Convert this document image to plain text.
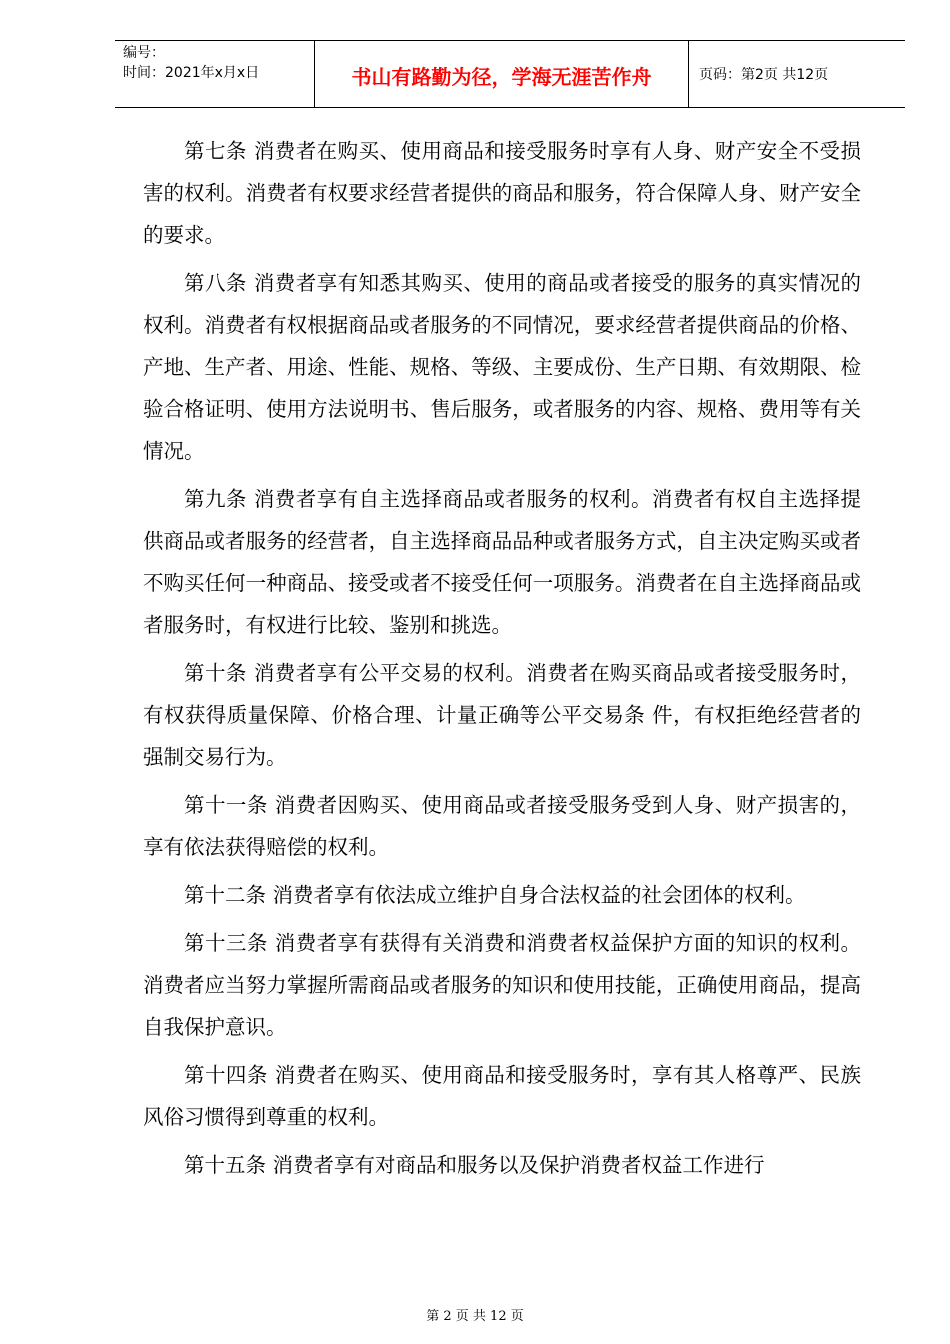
编号：
时间：2021年x月x日	书山有路勤为径，学海无涯苦作舟	页码：第2页 共12页

第七条 消费者在购买、使用商品和接受服务时享有人身、财产安全不受损害的权利。消费者有权要求经营者提供的商品和服务，符合保障人身、财产安全的要求。

第八条 消费者享有知悉其购买、使用的商品或者接受的服务的真实情况的权利。消费者有权根据商品或者服务的不同情况，要求经营者提供商品的价格、产地、生产者、用途、性能、规格、等级、主要成份、生产日期、有效期限、检验合格证明、使用方法说明书、售后服务，或者服务的内容、规格、费用等有关情况。

第九条 消费者享有自主选择商品或者服务的权利。消费者有权自主选择提供商品或者服务的经营者，自主选择商品品种或者服务方式，自主决定购买或者不购买任何一种商品、接受或者不接受任何一项服务。消费者在自主选择商品或者服务时，有权进行比较、鉴别和挑选。

第十条 消费者享有公平交易的权利。消费者在购买商品或者接受服务时，有权获得质量保障、价格合理、计量正确等公平交易条 件，有权拒绝经营者的强制交易行为。

第十一条 消费者因购买、使用商品或者接受服务受到人身、财产损害的，享有依法获得赔偿的权利。

第十二条 消费者享有依法成立维护自身合法权益的社会团体的权利。

第十三条 消费者享有获得有关消费和消费者权益保护方面的知识的权利。消费者应当努力掌握所需商品或者服务的知识和使用技能，正确使用商品，提高自我保护意识。

第十四条 消费者在购买、使用商品和接受服务时，享有其人格尊严、民族风俗习惯得到尊重的权利。

第十五条 消费者享有对商品和服务以及保护消费者权益工作进行

第 2 页 共 12 页
